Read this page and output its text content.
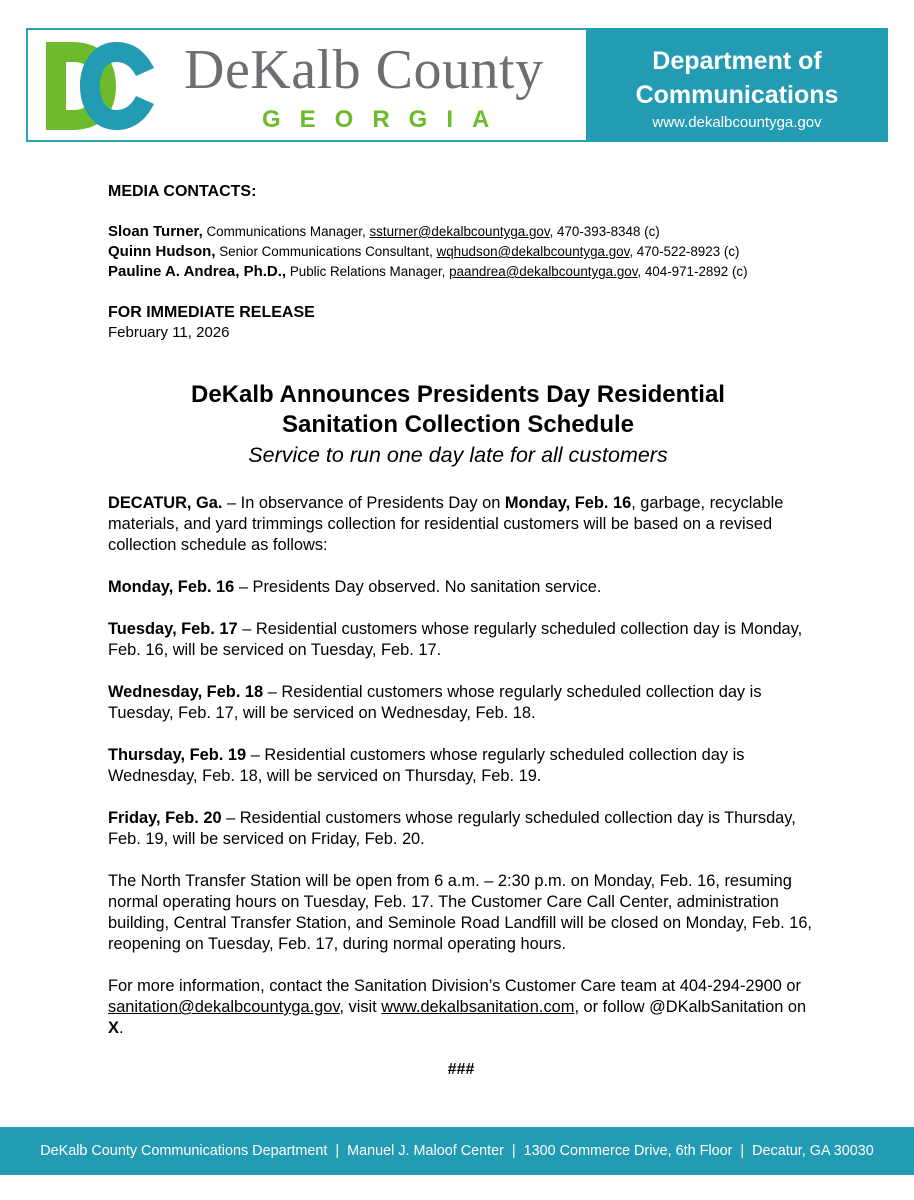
DeKalb County
GEORGIA
Department of
Communications
www.dekalbcountyga.gov
MEDIA CONTACTS:
Sloan Turner, Communications Manager, ssturner@dekalbcountyga.gov, 470-393-8348 (c)
Quinn Hudson, Senior Communications Consultant, wqhudson@dekalbcountyga.gov, 470-522-8923 (c)
Pauline A. Andrea, Ph.D., Public Relations Manager, paandrea@dekalbcountyga.gov, 404-971-2892 (c)
FOR IMMEDIATE RELEASE
February 11, 2026
DeKalb Announces Presidents Day Residential
Sanitation Collection Schedule
Service to run one day late for all customers

DECATUR, Ga. – In observance of Presidents Day on Monday, Feb. 16, garbage, recyclable materials, and yard trimmings collection for residential customers will be based on a revised collection schedule as follows:

Monday, Feb. 16 – Presidents Day observed. No sanitation service.

Tuesday, Feb. 17 – Residential customers whose regularly scheduled collection day is Monday, Feb. 16, will be serviced on Tuesday, Feb. 17.

Wednesday, Feb. 18 – Residential customers whose regularly scheduled collection day is Tuesday, Feb. 17, will be serviced on Wednesday, Feb. 18.

Thursday, Feb. 19 – Residential customers whose regularly scheduled collection day is Wednesday, Feb. 18, will be serviced on Thursday, Feb. 19.

Friday, Feb. 20 – Residential customers whose regularly scheduled collection day is Thursday, Feb. 19, will be serviced on Friday, Feb. 20.

The North Transfer Station will be open from 6 a.m. – 2:30 p.m. on Monday, Feb. 16, resuming normal operating hours on Tuesday, Feb. 17. The Customer Care Call Center, administration building, Central Transfer Station, and Seminole Road Landfill will be closed on Monday, Feb. 16, reopening on Tuesday, Feb. 17, during normal operating hours.

For more information, contact the Sanitation Division’s Customer Care team at 404-294-2900 or sanitation@dekalbcountyga.gov, visit www.dekalbsanitation.com, or follow @DKalbSanitation on X.

###
DeKalb County Communications Department | Manuel J. Maloof Center | 1300 Commerce Drive, 6th Floor | Decatur, GA 30030
